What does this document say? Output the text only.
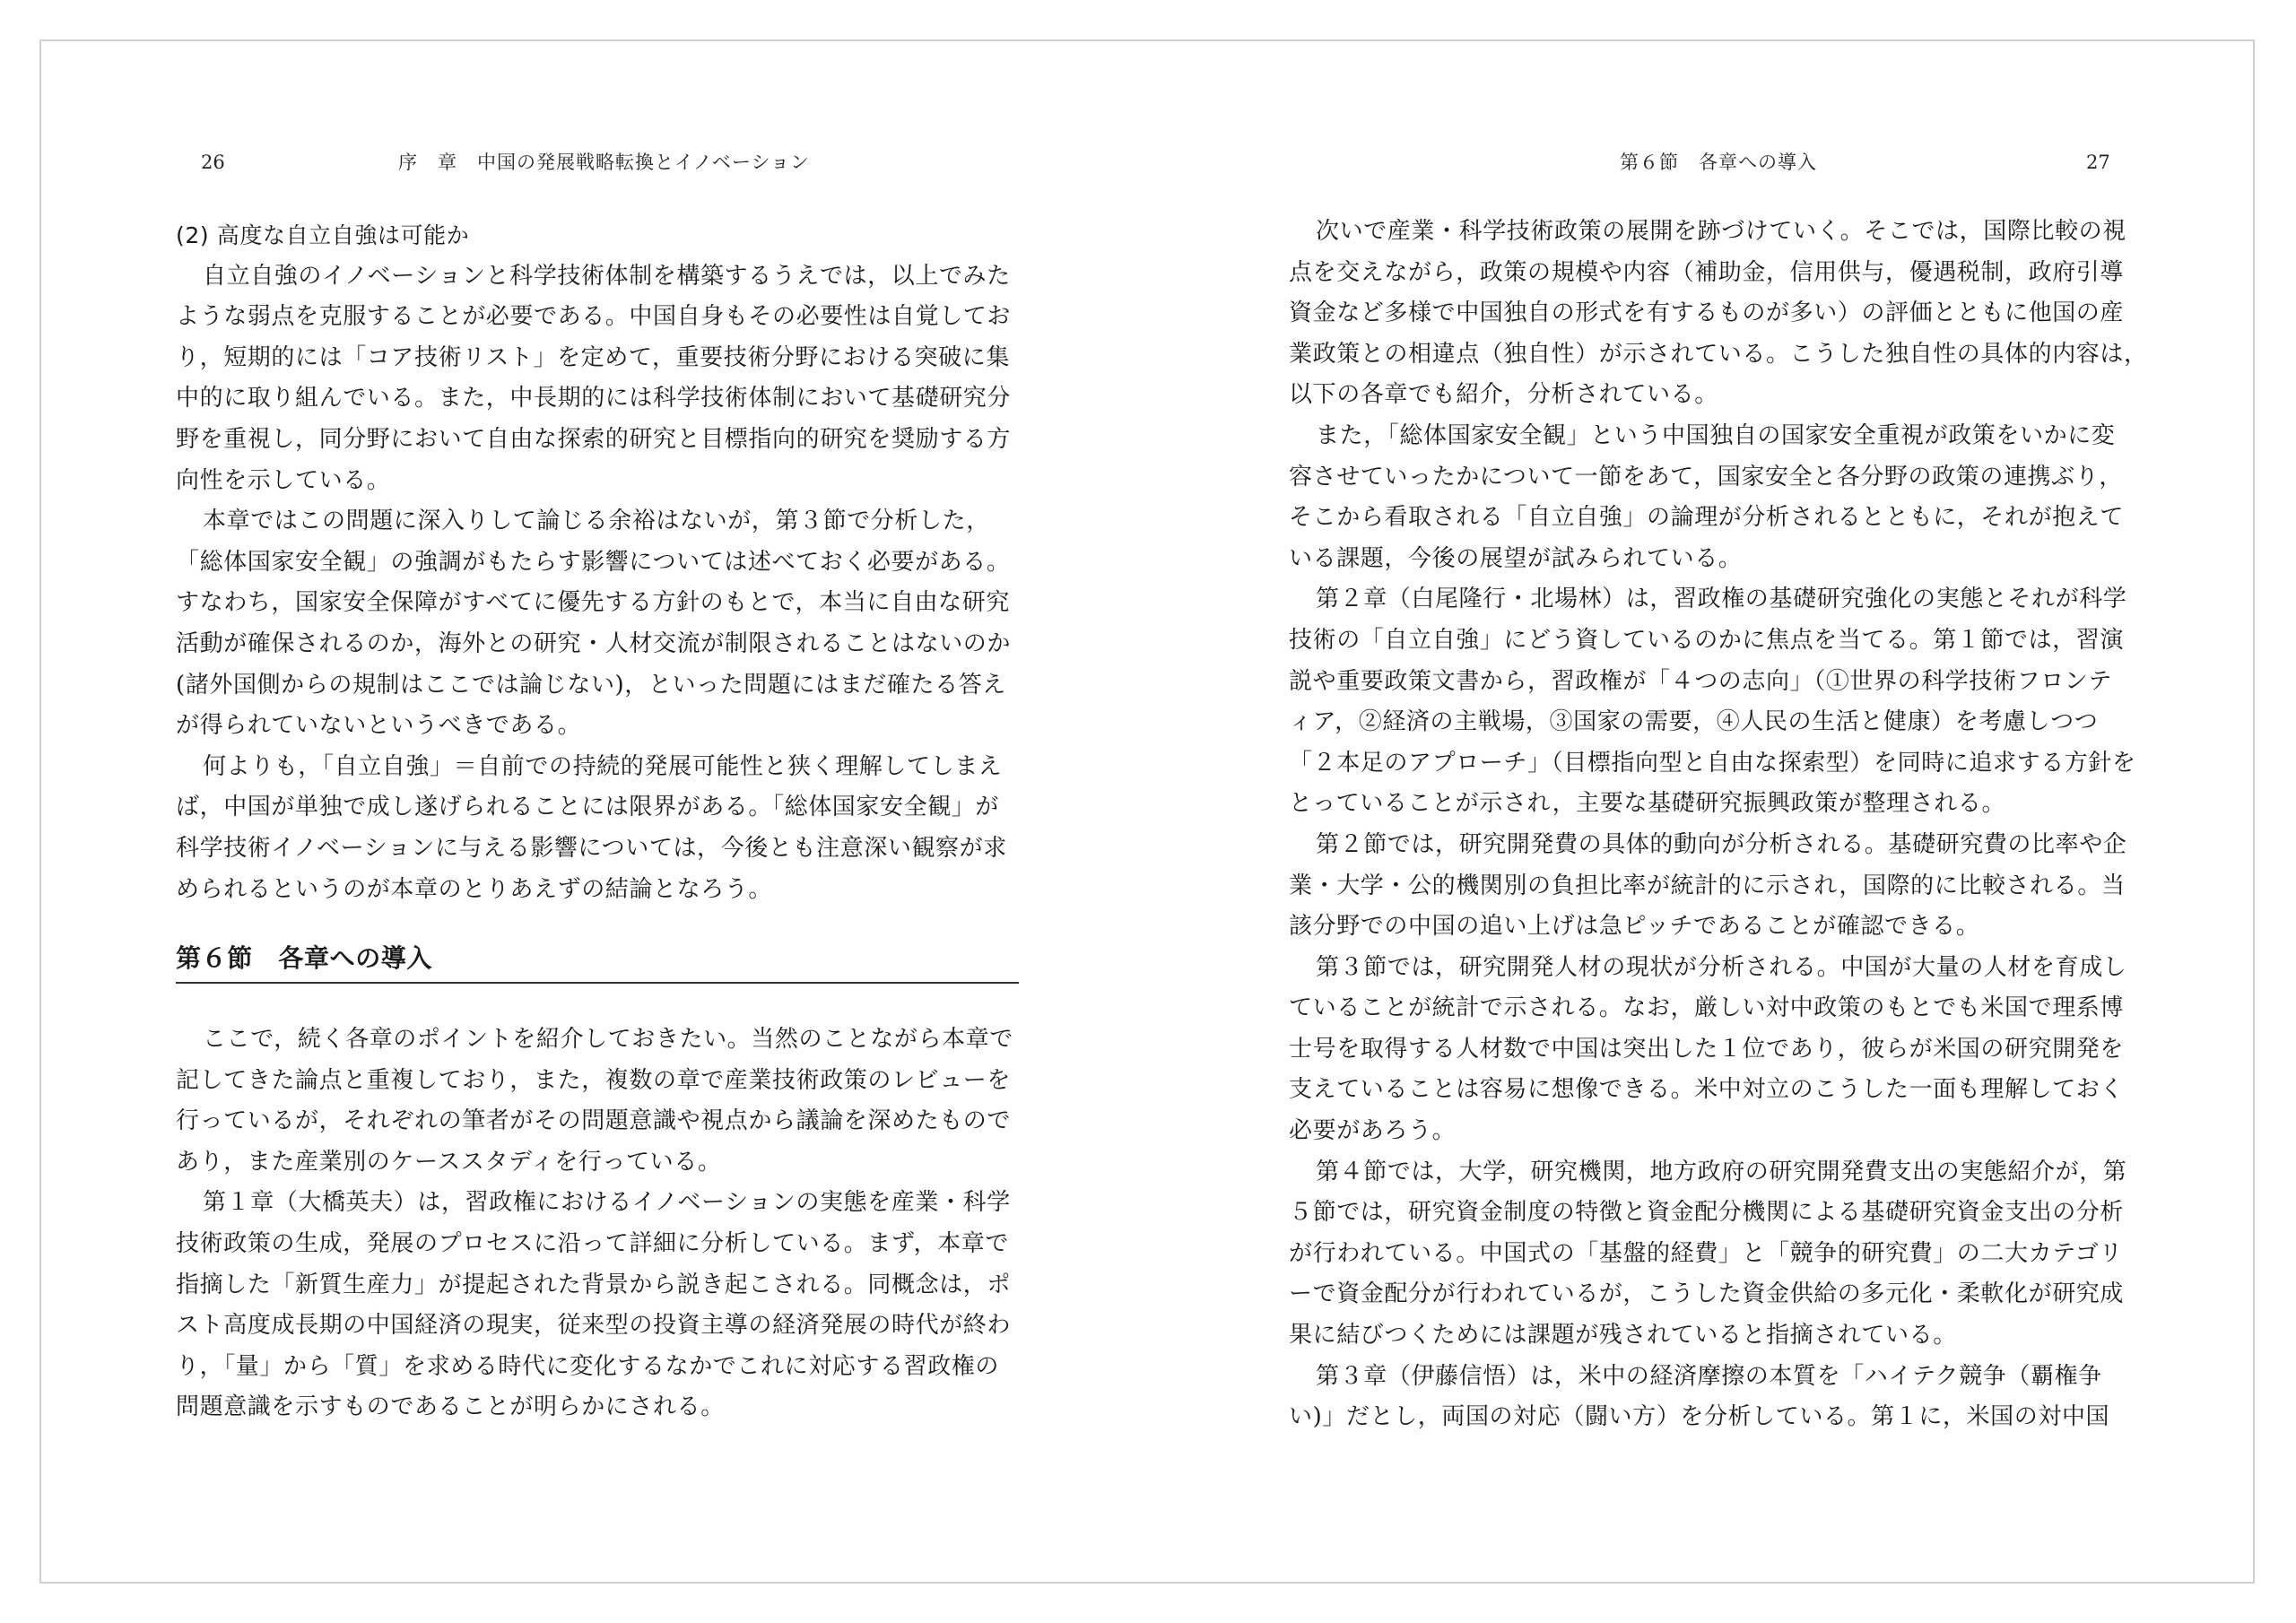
26	序　章　中国の発展戦略転換とイノベーション
(2) 高度な自立自強は可能か
自立自強のイノベーションと科学技術体制を構築するうえでは，以上でみた
ような弱点を克服することが必要である。中国自身もその必要性は自覚してお
り，短期的には「コア技術リスト」を定めて，重要技術分野における突破に集
中的に取り組んでいる。また，中長期的には科学技術体制において基礎研究分
野を重視し，同分野において自由な探索的研究と目標指向的研究を奨励する方
向性を示している。
本章ではこの問題に深入りして論じる余裕はないが，第３節で分析した，
「総体国家安全観」の強調がもたらす影響については述べておく必要がある。
すなわち，国家安全保障がすべてに優先する方針のもとで，本当に自由な研究
活動が確保されるのか，海外との研究・人材交流が制限されることはないのか
(諸外国側からの規制はここでは論じない)，といった問題にはまだ確たる答え
が得られていないというべきである。
何よりも，「自立自強」＝自前での持続的発展可能性と狭く理解してしまえ
ば，中国が単独で成し遂げられることには限界がある。「総体国家安全観」が
科学技術イノベーションに与える影響については，今後とも注意深い観察が求
められるというのが本章のとりあえずの結論となろう。
第６節　各章への導入
ここで，続く各章のポイントを紹介しておきたい。当然のことながら本章で
記してきた論点と重複しており，また，複数の章で産業技術政策のレビューを
行っているが，それぞれの筆者がその問題意識や視点から議論を深めたもので
あり，また産業別のケーススタディを行っている。
第１章（大橋英夫）は，習政権におけるイノベーションの実態を産業・科学
技術政策の生成，発展のプロセスに沿って詳細に分析している。まず，本章で
指摘した「新質生産力」が提起された背景から説き起こされる。同概念は，ポ
スト高度成長期の中国経済の現実，従来型の投資主導の経済発展の時代が終わ
り，「量」から「質」を求める時代に変化するなかでこれに対応する習政権の
問題意識を示すものであることが明らかにされる。
第６節　各章への導入	27
次いで産業・科学技術政策の展開を跡づけていく。そこでは，国際比較の視
点を交えながら，政策の規模や内容（補助金，信用供与，優遇税制，政府引導
資金など多様で中国独自の形式を有するものが多い）の評価とともに他国の産
業政策との相違点（独自性）が示されている。こうした独自性の具体的内容は，
以下の各章でも紹介，分析されている。
また，「総体国家安全観」という中国独自の国家安全重視が政策をいかに変
容させていったかについて一節をあて，国家安全と各分野の政策の連携ぶり，
そこから看取される「自立自強」の論理が分析されるとともに，それが抱えて
いる課題，今後の展望が試みられている。
第２章（白尾隆行・北場林）は，習政権の基礎研究強化の実態とそれが科学
技術の「自立自強」にどう資しているのかに焦点を当てる。第１節では，習演
説や重要政策文書から，習政権が「４つの志向」（①世界の科学技術フロンテ
ィア，②経済の主戦場，③国家の需要，④人民の生活と健康）を考慮しつつ
「２本足のアプローチ」（目標指向型と自由な探索型）を同時に追求する方針を
とっていることが示され，主要な基礎研究振興政策が整理される。
第２節では，研究開発費の具体的動向が分析される。基礎研究費の比率や企
業・大学・公的機関別の負担比率が統計的に示され，国際的に比較される。当
該分野での中国の追い上げは急ピッチであることが確認できる。
第３節では，研究開発人材の現状が分析される。中国が大量の人材を育成し
ていることが統計で示される。なお，厳しい対中政策のもとでも米国で理系博
士号を取得する人材数で中国は突出した１位であり，彼らが米国の研究開発を
支えていることは容易に想像できる。米中対立のこうした一面も理解しておく
必要があろう。
第４節では，大学，研究機関，地方政府の研究開発費支出の実態紹介が，第
５節では，研究資金制度の特徴と資金配分機関による基礎研究資金支出の分析
が行われている。中国式の「基盤的経費」と「競争的研究費」の二大カテゴリ
ーで資金配分が行われているが，こうした資金供給の多元化・柔軟化が研究成
果に結びつくためには課題が残されていると指摘されている。
第３章（伊藤信悟）は，米中の経済摩擦の本質を「ハイテク競争（覇権争
い)」だとし，両国の対応（闘い方）を分析している。第１に，米国の対中国
